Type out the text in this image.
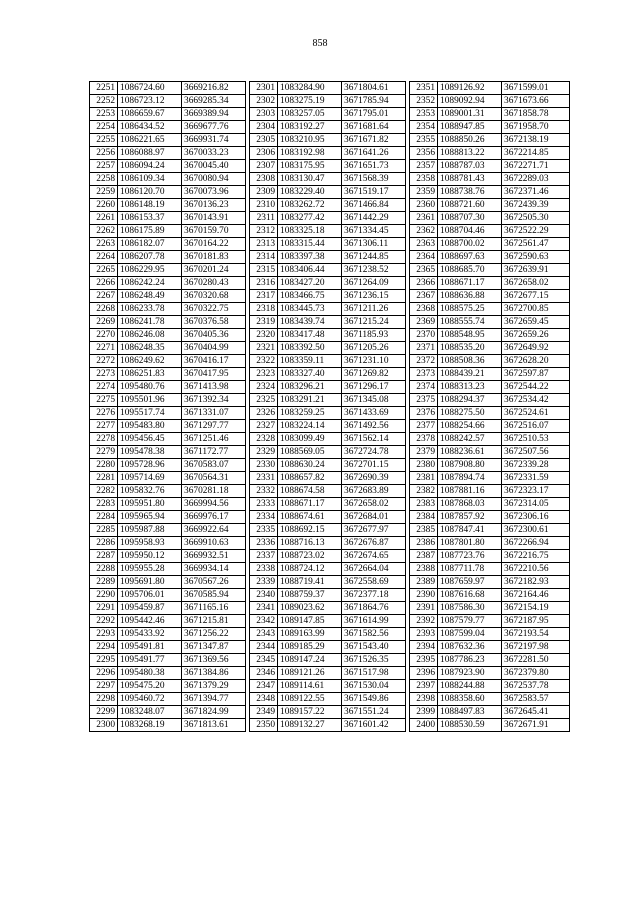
858
2251	1086724.60	3669216.82		2301	1083284.90	3671804.61		2351	1089126.92	3671599.01
2252	1086723.12	3669285.34		2302	1083275.19	3671785.94		2352	1089092.94	3671673.66
2253	1086659.67	3669389.94		2303	1083257.05	3671795.01		2353	1089001.31	3671858.78
2254	1086434.52	3669677.76		2304	1083192.27	3671681.64		2354	1088947.85	3671958.70
2255	1086221.65	3669931.74		2305	1083210.95	3671671.82		2355	1088850.26	3672138.19
2256	1086088.97	3670033.23		2306	1083192.98	3671641.26		2356	1088813.22	3672214.85
2257	1086094.24	3670045.40		2307	1083175.95	3671651.73		2357	1088787.03	3672271.71
2258	1086109.34	3670080.94		2308	1083130.47	3671568.39		2358	1088781.43	3672289.03
2259	1086120.70	3670073.96		2309	1083229.40	3671519.17		2359	1088738.76	3672371.46
2260	1086148.19	3670136.23		2310	1083262.72	3671466.84		2360	1088721.60	3672439.39
2261	1086153.37	3670143.91		2311	1083277.42	3671442.29		2361	1088707.30	3672505.30
2262	1086175.89	3670159.70		2312	1083325.18	3671334.45		2362	1088704.46	3672522.29
2263	1086182.07	3670164.22		2313	1083315.44	3671306.11		2363	1088700.02	3672561.47
2264	1086207.78	3670181.83		2314	1083397.38	3671244.85		2364	1088697.63	3672590.63
2265	1086229.95	3670201.24		2315	1083406.44	3671238.52		2365	1088685.70	3672639.91
2266	1086242.24	3670280.43		2316	1083427.20	3671264.09		2366	1088671.17	3672658.02
2267	1086248.49	3670320.68		2317	1083466.75	3671236.15		2367	1088636.88	3672677.15
2268	1086233.78	3670322.75		2318	1083445.73	3671211.26		2368	1088575.25	3672700.85
2269	1086241.78	3670376.58		2319	1083439.74	3671215.24		2369	1088555.74	3672659.45
2270	1086246.08	3670405.36		2320	1083417.48	3671185.93		2370	1088548.95	3672659.26
2271	1086248.35	3670404.99		2321	1083392.50	3671205.26		2371	1088535.20	3672649.92
2272	1086249.62	3670416.17		2322	1083359.11	3671231.10		2372	1088508.36	3672628.20
2273	1086251.83	3670417.95		2323	1083327.40	3671269.82		2373	1088439.21	3672597.87
2274	1095480.76	3671413.98		2324	1083296.21	3671296.17		2374	1088313.23	3672544.22
2275	1095501.96	3671392.34		2325	1083291.21	3671345.08		2375	1088294.37	3672534.42
2276	1095517.74	3671331.07		2326	1083259.25	3671433.69		2376	1088275.50	3672524.61
2277	1095483.80	3671297.77		2327	1083224.14	3671492.56		2377	1088254.66	3672516.07
2278	1095456.45	3671251.46		2328	1083099.49	3671562.14		2378	1088242.57	3672510.53
2279	1095478.38	3671172.77		2329	1088569.05	3672724.78		2379	1088236.61	3672507.56
2280	1095728.96	3670583.07		2330	1088630.24	3672701.15		2380	1087908.80	3672339.28
2281	1095714.69	3670564.31		2331	1088657.82	3672690.39		2381	1087894.74	3672331.59
2282	1095832.76	3670281.18		2332	1088674.58	3672683.89		2382	1087881.16	3672323.17
2283	1095951.80	3669994.56		2333	1088671.17	3672658.02		2383	1087868.03	3672314.05
2284	1095965.94	3669976.17		2334	1088674.61	3672684.01		2384	1087857.92	3672306.16
2285	1095987.88	3669922.64		2335	1088692.15	3672677.97		2385	1087847.41	3672300.61
2286	1095958.93	3669910.63		2336	1088716.13	3672676.87		2386	1087801.80	3672266.94
2287	1095950.12	3669932.51		2337	1088723.02	3672674.65		2387	1087723.76	3672216.75
2288	1095955.28	3669934.14		2338	1088724.12	3672664.04		2388	1087711.78	3672210.56
2289	1095691.80	3670567.26		2339	1088719.41	3672558.69		2389	1087659.97	3672182.93
2290	1095706.01	3670585.94		2340	1088759.37	3672377.18		2390	1087616.68	3672164.46
2291	1095459.87	3671165.16		2341	1089023.62	3671864.76		2391	1087586.30	3672154.19
2292	1095442.46	3671215.81		2342	1089147.85	3671614.99		2392	1087579.77	3672187.95
2293	1095433.92	3671256.22		2343	1089163.99	3671582.56		2393	1087599.04	3672193.54
2294	1095491.81	3671347.87		2344	1089185.29	3671543.40		2394	1087632.36	3672197.98
2295	1095491.77	3671369.56		2345	1089147.24	3671526.35		2395	1087786.23	3672281.50
2296	1095480.38	3671384.86		2346	1089121.26	3671517.98		2396	1087923.90	3672379.80
2297	1095475.20	3671379.29		2347	1089114.61	3671530.04		2397	1088244.88	3672537.78
2298	1095460.72	3671394.77		2348	1089122.55	3671549.86		2398	1088358.60	3672583.57
2299	1083248.07	3671824.99		2349	1089157.22	3671551.24		2399	1088497.83	3672645.41
2300	1083268.19	3671813.61		2350	1089132.27	3671601.42		2400	1088530.59	3672671.91
